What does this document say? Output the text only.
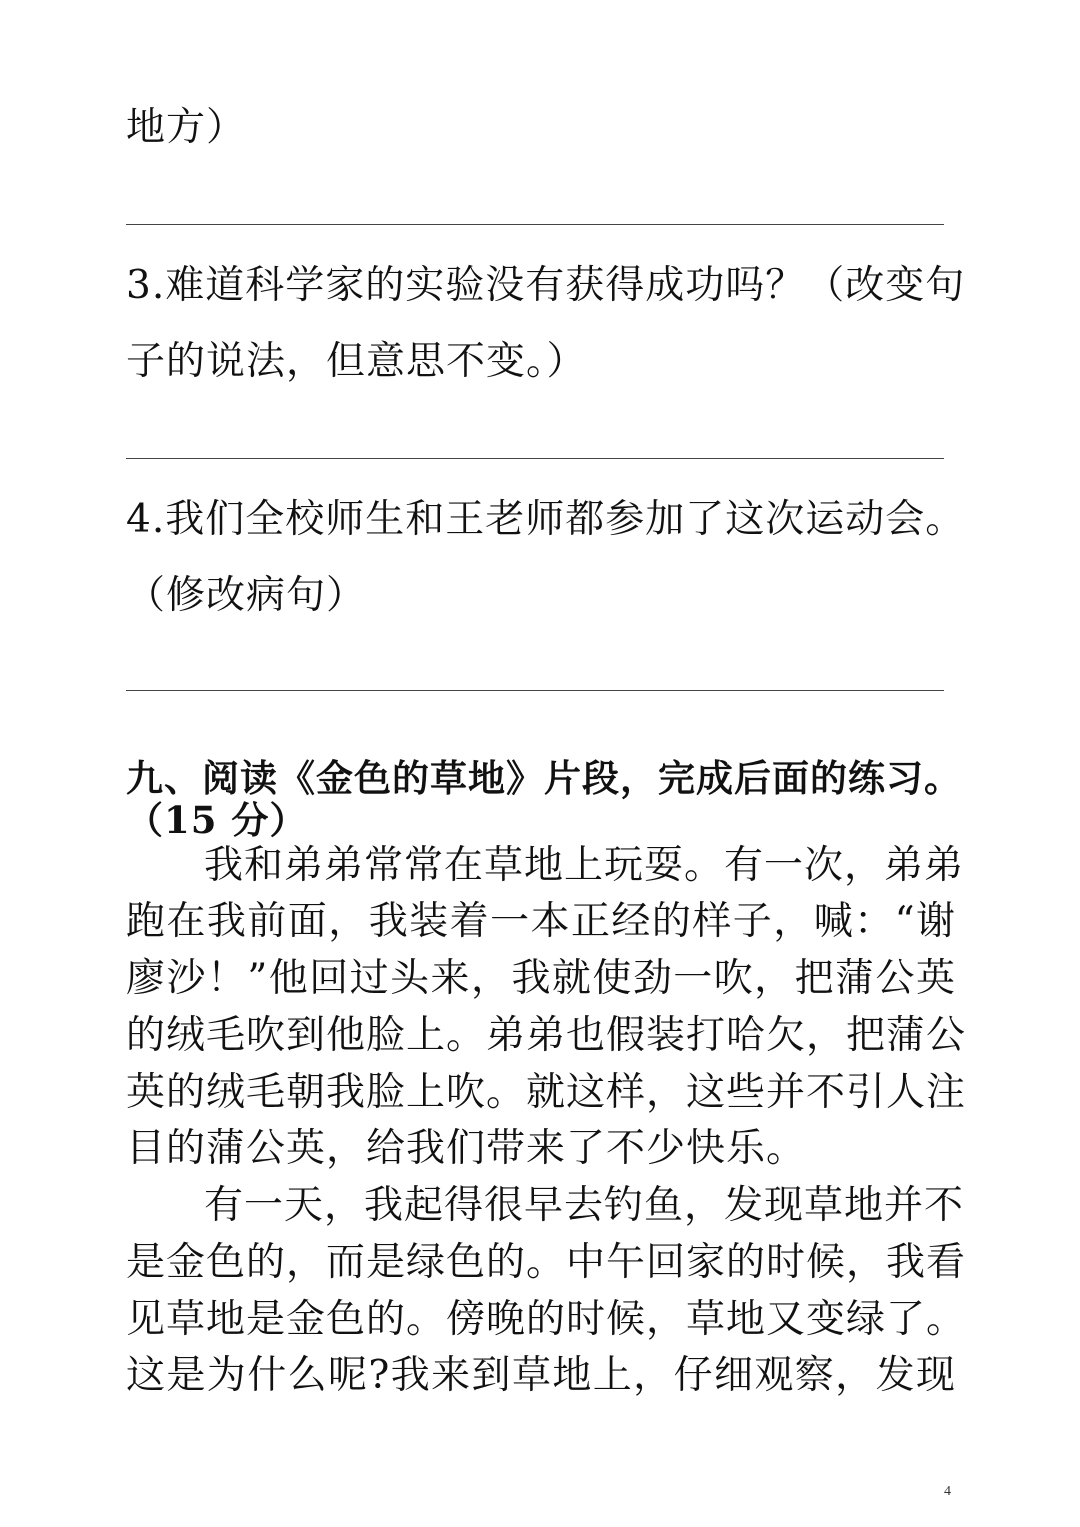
地方）
3.难道科学家的实验没有获得成功吗？（改变句
子的说法，但意思不变。）
4.我们全校师生和王老师都参加了这次运动会。
（修改病句）
九、阅读《金色的草地》片段，完成后面的练习。
（15 分）
我和弟弟常常在草地上玩耍。有一次，弟弟
跑在我前面，我装着一本正经的样子，喊：“谢
廖沙！”他回过头来，我就使劲一吹，把蒲公英
的绒毛吹到他脸上。弟弟也假装打哈欠，把蒲公
英的绒毛朝我脸上吹。就这样，这些并不引人注
目的蒲公英，给我们带来了不少快乐。
有一天，我起得很早去钓鱼，发现草地并不
是金色的，而是绿色的。中午回家的时候，我看
见草地是金色的。傍晚的时候，草地又变绿了。
这是为什么呢?我来到草地上，仔细观察，发现
4
